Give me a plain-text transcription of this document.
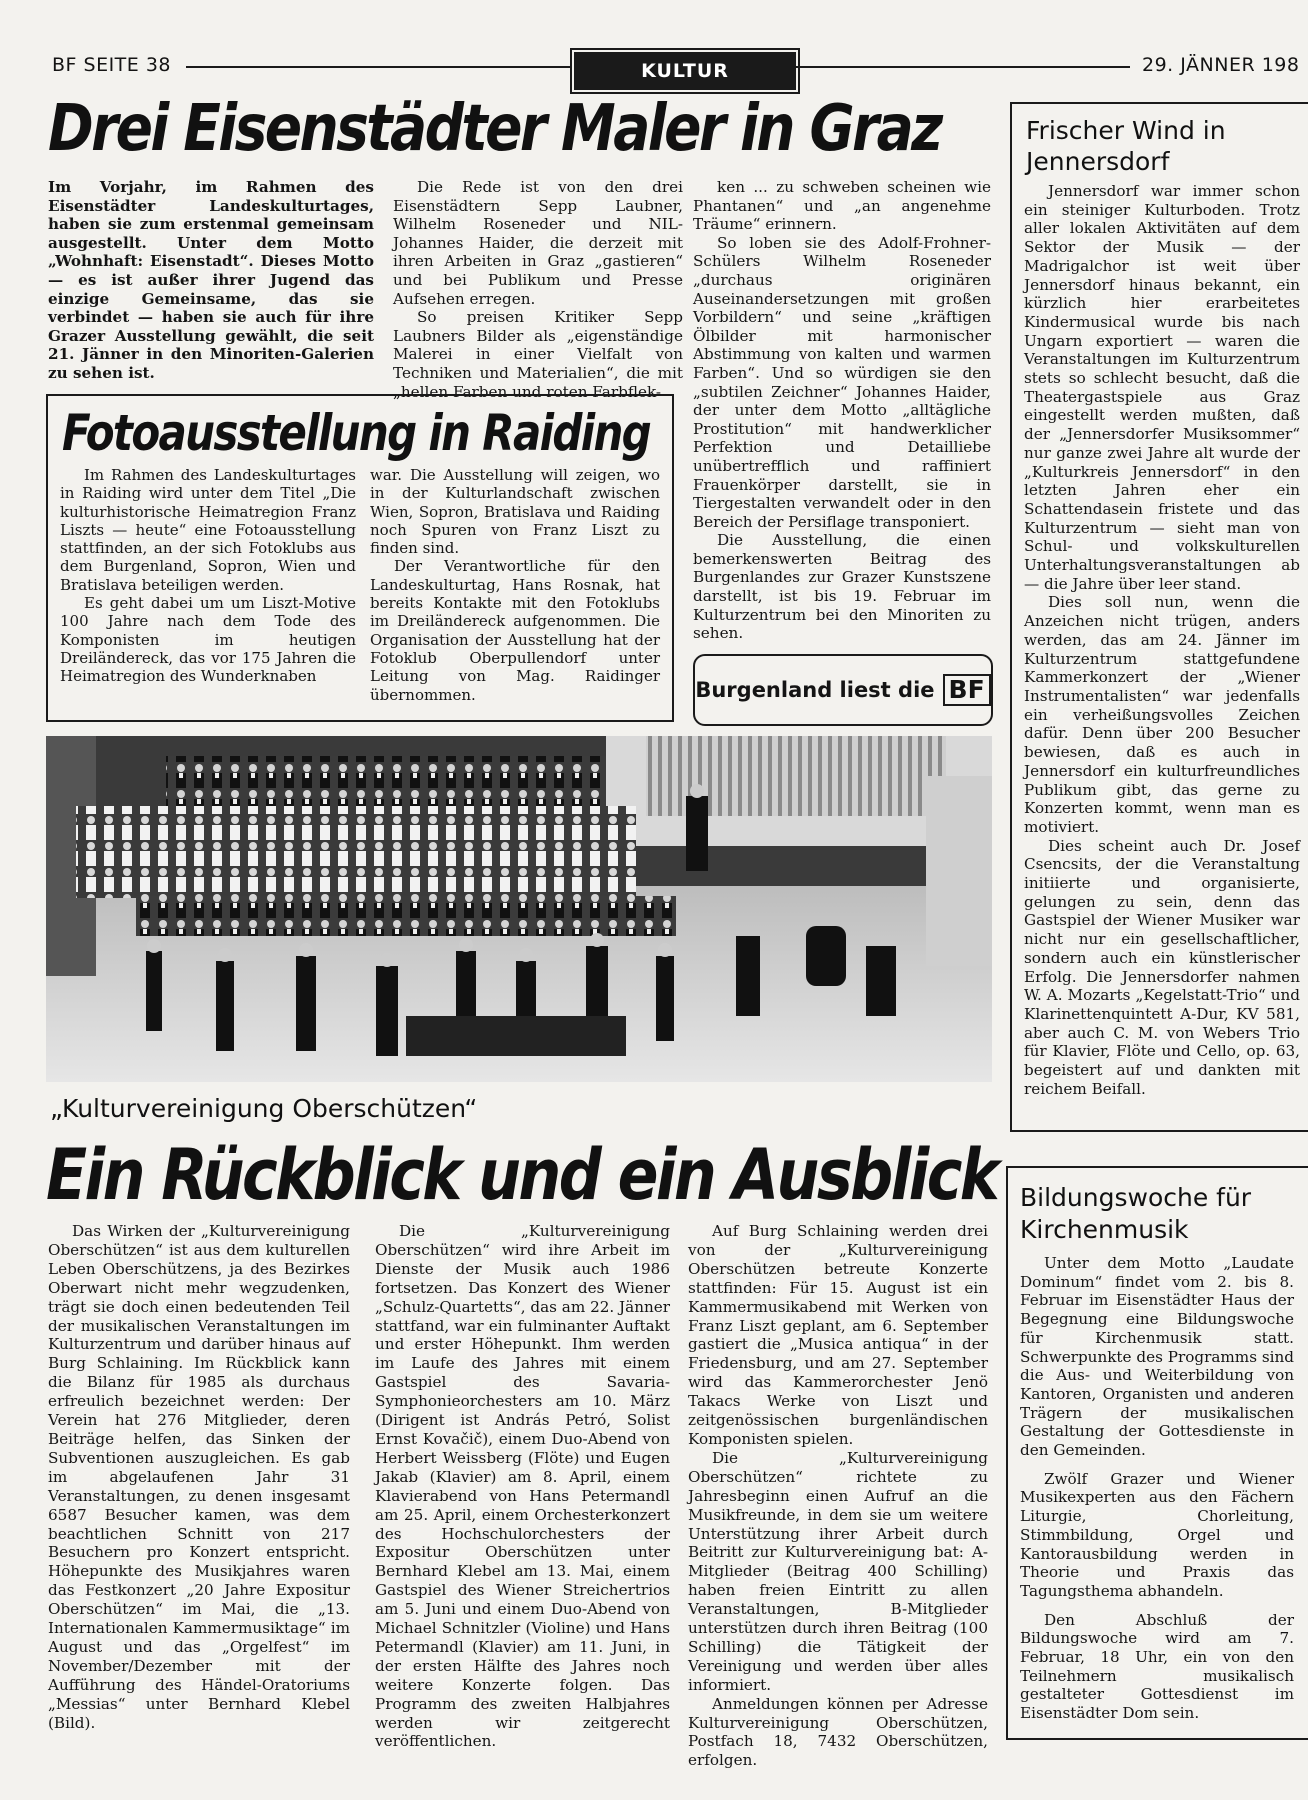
BF SEITE 38	KULTUR	29. JÄNNER 198
Drei Eisenstädter Maler in Graz

Im Vorjahr, im Rahmen des Eisenstädter Landeskulturtages, haben sie zum erstenmal gemeinsam ausgestellt. Unter dem Motto „Wohnhaft: Eisenstadt“. Dieses Motto — es ist außer ihrer Jugend das einzige Gemeinsame, das sie verbindet — haben sie auch für ihre Grazer Ausstellung gewählt, die seit 21. Jänner in den Minoriten-Galerien zu sehen ist.

Die Rede ist von den drei Eisenstädtern Sepp Laubner, Wilhelm Roseneder und NIL-Johannes Haider, die derzeit mit ihren Arbeiten in Graz „gastieren“ und bei Publikum und Presse Aufsehen erregen.

So preisen Kritiker Sepp Laubners Bilder als „eigenständige Malerei in einer Vielfalt von Techniken und Materialien“, die mit „hellen Farben und roten Farbflek-

ken ... zu schweben scheinen wie Phantanen“ und „an angenehme Träume“ erinnern.

So loben sie des Adolf-Frohner-Schülers Wilhelm Roseneder „durchaus originären Auseinandersetzungen mit großen Vorbildern“ und seine „kräftigen Ölbilder mit harmonischer Abstimmung von kalten und warmen Farben“. Und so würdigen sie den „subtilen Zeichner“ Johannes Haider, der unter dem Motto „alltägliche Prostitution“ mit handwerklicher Perfektion und Detailliebe unübertrefflich und raffiniert Frauenkörper darstellt, sie in Tiergestalten verwandelt oder in den Bereich der Persiflage transponiert.

Die Ausstellung, die einen bemerkenswerten Beitrag des Burgenlandes zur Grazer Kunstszene darstellt, ist bis 19. Februar im Kulturzentrum bei den Minoriten zu sehen.

Fotoausstellung in Raiding

Im Rahmen des Landeskulturtages in Raiding wird unter dem Titel „Die kulturhistorische Heimatregion Franz Liszts — heute“ eine Fotoausstellung stattfinden, an der sich Fotoklubs aus dem Burgenland, Sopron, Wien und Bratislava beteiligen werden.

Es geht dabei um um Liszt-Motive 100 Jahre nach dem Tode des Komponisten im heutigen Dreiländereck, das vor 175 Jahren die Heimatregion des Wunderknaben

war. Die Ausstellung will zeigen, wo in der Kulturlandschaft zwischen Wien, Sopron, Bratislava und Raiding noch Spuren von Franz Liszt zu finden sind.

Der Verantwortliche für den Landeskulturtag, Hans Rosnak, hat bereits Kontakte mit den Fotoklubs im Dreiländereck aufgenommen. Die Organisation der Ausstellung hat der Fotoklub Oberpullendorf unter Leitung von Mag. Raidinger übernommen.	Burgenland liest die BF
„Kulturvereinigung Oberschützen“
Ein Rückblick und ein Ausblick

Das Wirken der „Kulturvereinigung Oberschützen“ ist aus dem kulturellen Leben Oberschützens, ja des Bezirkes Oberwart nicht mehr wegzudenken, trägt sie doch einen bedeutenden Teil der musikalischen Veranstaltungen im Kulturzentrum und darüber hinaus auf Burg Schlaining. Im Rückblick kann die Bilanz für 1985 als durchaus erfreulich bezeichnet werden: Der Verein hat 276 Mitglieder, deren Beiträge helfen, das Sinken der Subventionen auszugleichen. Es gab im abgelaufenen Jahr 31 Veranstaltungen, zu denen insgesamt 6587 Besucher kamen, was dem beachtlichen Schnitt von 217 Besuchern pro Konzert entspricht. Höhepunkte des Musikjahres waren das Festkonzert „20 Jahre Expositur Oberschützen“ im Mai, die „13. Internationalen Kammermusiktage“ im August und das „Orgelfest“ im November/Dezember mit der Aufführung des Händel-Oratoriums „Messias“ unter Bernhard Klebel (Bild).

Die „Kulturvereinigung Oberschützen“ wird ihre Arbeit im Dienste der Musik auch 1986 fortsetzen. Das Konzert des Wiener „Schulz-Quartetts“, das am 22. Jänner stattfand, war ein fulminanter Auftakt und erster Höhepunkt. Ihm werden im Laufe des Jahres mit einem Gastspiel des Savaria-Symphonieorchesters am 10. März (Dirigent ist András Petró, Solist Ernst Kovačič), einem Duo-Abend von Herbert Weissberg (Flöte) und Eugen Jakab (Klavier) am 8. April, einem Klavierabend von Hans Petermandl am 25. April, einem Orchesterkonzert des Hochschulorchesters der Expositur Oberschützen unter Bernhard Klebel am 13. Mai, einem Gastspiel des Wiener Streichertrios am 5. Juni und einem Duo-Abend von Michael Schnitzler (Violine) und Hans Petermandl (Klavier) am 11. Juni, in der ersten Hälfte des Jahres noch weitere Konzerte folgen. Das Programm des zweiten Halbjahres werden wir zeitgerecht veröffentlichen.

Auf Burg Schlaining werden drei von der „Kulturvereinigung Oberschützen betreute Konzerte stattfinden: Für 15. August ist ein Kammermusikabend mit Werken von Franz Liszt geplant, am 6. September gastiert die „Musica antiqua“ in der Friedensburg, und am 27. September wird das Kammerorchester Jenö Takacs Werke von Liszt und zeitgenössischen burgenländischen Komponisten spielen.

Die „Kulturvereinigung Oberschützen“ richtete zu Jahresbeginn einen Aufruf an die Musikfreunde, in dem sie um weitere Unterstützung ihrer Arbeit durch Beitritt zur Kulturvereinigung bat: A-Mitglieder (Beitrag 400 Schilling) haben freien Eintritt zu allen Veranstaltungen, B-Mitglieder unterstützen durch ihren Beitrag (100 Schilling) die Tätigkeit der Vereinigung und werden über alles informiert.

Anmeldungen können per Adresse Kulturvereinigung Oberschützen, Postfach 18, 7432 Oberschützen, erfolgen.

Frischer Wind in
Jennersdorf

Jennersdorf war immer schon ein steiniger Kulturboden. Trotz aller lokalen Aktivitäten auf dem Sektor der Musik — der Madrigalchor ist weit über Jennersdorf hinaus bekannt, ein kürzlich hier erarbeitetes Kindermusical wurde bis nach Ungarn exportiert — waren die Veranstaltungen im Kulturzentrum stets so schlecht besucht, daß die Theatergastspiele aus Graz eingestellt werden mußten, daß der „Jennersdorfer Musiksommer“ nur ganze zwei Jahre alt wurde der „Kulturkreis Jennersdorf“ in den letzten Jahren eher ein Schattendasein fristete und das Kulturzentrum — sieht man von Schul- und volkskulturellen Unterhaltungsveranstaltungen ab — die Jahre über leer stand.

Dies soll nun, wenn die Anzeichen nicht trügen, anders werden, das am 24. Jänner im Kulturzentrum stattgefundene Kammerkonzert der „Wiener Instrumentalisten“ war jedenfalls ein verheißungsvolles Zeichen dafür. Denn über 200 Besucher bewiesen, daß es auch in Jennersdorf ein kulturfreundliches Publikum gibt, das gerne zu Konzerten kommt, wenn man es motiviert.

Dies scheint auch Dr. Josef Csencsits, der die Veranstaltung initiierte und organisierte, gelungen zu sein, denn das Gastspiel der Wiener Musiker war nicht nur ein gesellschaftlicher, sondern auch ein künstlerischer Erfolg. Die Jennersdorfer nahmen W. A. Mozarts „Kegelstatt-Trio“ und Klarinettenquintett A-Dur, KV 581, aber auch C. M. von Webers Trio für Klavier, Flöte und Cello, op. 63, begeistert auf und dankten mit reichem Beifall.

Bildungswoche für
Kirchenmusik

Unter dem Motto „Laudate Dominum“ findet vom 2. bis 8. Februar im Eisenstädter Haus der Begegnung eine Bildungswoche für Kirchenmusik statt. Schwerpunkte des Programms sind die Aus- und Weiterbildung von Kantoren, Organisten und anderen Trägern der musikalischen Gestaltung der Gottesdienste in den Gemeinden.

Zwölf Grazer und Wiener Musikexperten aus den Fächern Liturgie, Chorleitung, Stimmbildung, Orgel und Kantorausbildung werden in Theorie und Praxis das Tagungsthema abhandeln.

Den Abschluß der Bildungswoche wird am 7. Februar, 18 Uhr, ein von den Teilnehmern musikalisch gestalteter Gottesdienst im Eisenstädter Dom sein.
